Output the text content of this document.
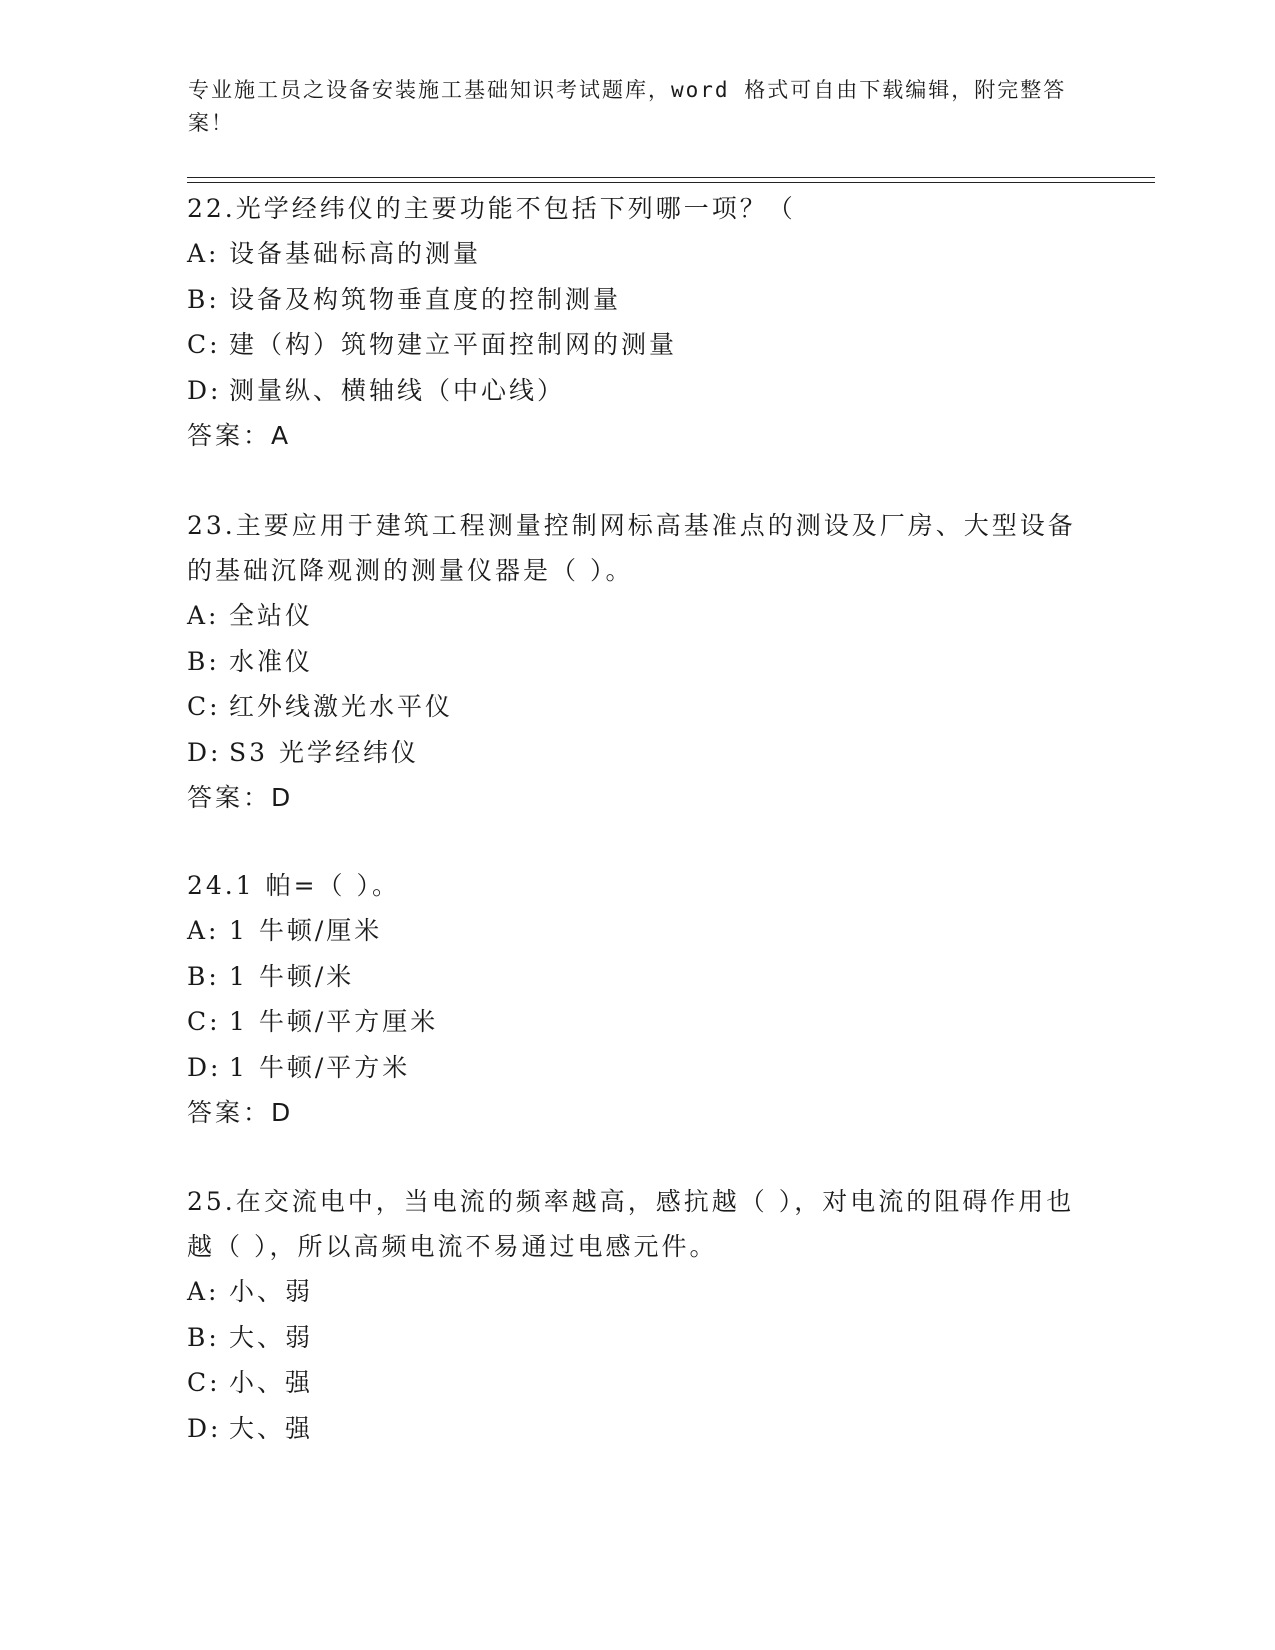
专业施工员之设备安装施工基础知识考试题库，word 格式可自由下载编辑，附完整答案！
22.光学经纬仪的主要功能不包括下列哪一项？（
A: 设备基础标高的测量
B: 设备及构筑物垂直度的控制测量
C: 建（构）筑物建立平面控制网的测量
D: 测量纵、横轴线（中心线）
答案：A
23.主要应用于建筑工程测量控制网标高基准点的测设及厂房、大型设备的基础沉降观测的测量仪器是（ ）。
A: 全站仪
B: 水准仪
C: 红外线激光水平仪
D: S3 光学经纬仪
答案：D
24.1 帕=（ ）。
A: 1 牛顿/厘米
B: 1 牛顿/米
C: 1 牛顿/平方厘米
D: 1 牛顿/平方米
答案：D
25.在交流电中，当电流的频率越高，感抗越（ ），对电流的阻碍作用也越（ ），所以高频电流不易通过电感元件。
A: 小、弱
B: 大、弱
C: 小、强
D: 大、强
